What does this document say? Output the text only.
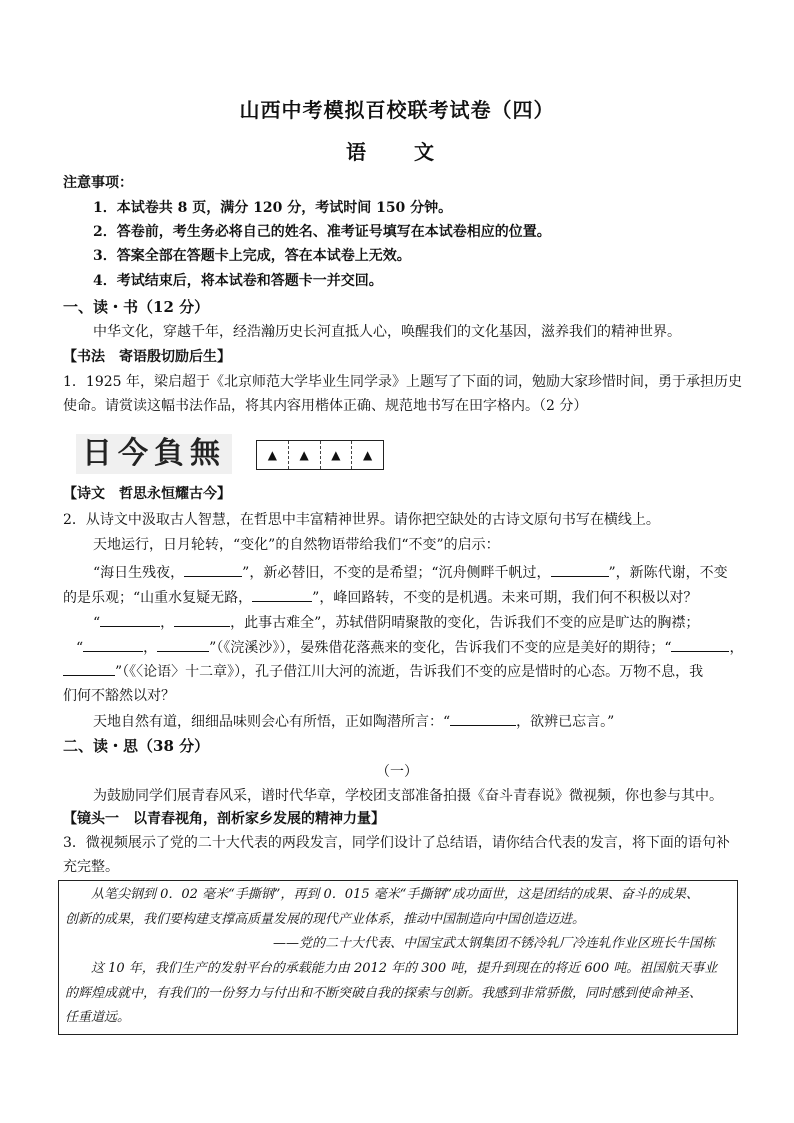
山西中考模拟百校联考试卷（四）
语　文
注意事项：
1．本试卷共 8 页，满分 120 分，考试时间 150 分钟。
2．答卷前，考生务必将自己的姓名、准考证号填写在本试卷相应的位置。
3．答案全部在答题卡上完成，答在本试卷上无效。
4．考试结束后，将本试卷和答题卡一并交回。
一、读・书（12 分）
中华文化，穿越千年，经浩瀚历史长河直抵人心，唤醒我们的文化基因，滋养我们的精神世界。
【书法　寄语殷切励后生】
1．1925 年，梁启超于《北京师范大学毕业生同学录》上题写了下面的词，勉励大家珍惜时间，勇于承担历史
使命。请赏读这幅书法作品，将其内容用楷体正确、规范地书写在田字格内。（2 分）
日今負無	▲	▲	▲	▲
【诗文　哲思永恒耀古今】
2．从诗文中汲取古人智慧，在哲思中丰富精神世界。请你把空缺处的古诗文原句书写在横线上。
天地运行，日月轮转，“变化”的自然物语带给我们“不变”的启示：
“海日生残夜，	”，新必替旧，不变的是希望；“沉舟侧畔千帆过，	”，新陈代谢，不变
的是乐观；“山重水复疑无路，	”，峰回路转，不变的是机遇。未来可期，我们何不积极以对？
“	，	，此事古难全”，苏轼借阴晴聚散的变化，告诉我们不变的应是旷达的胸襟；
“	，	”（《浣溪沙》），晏殊借花落燕来的变化，告诉我们不变的应是美好的期待；“	，
”（《〈论语〉十二章》），孔子借江川大河的流逝，告诉我们不变的应是惜时的心态。万物不息，我
们何不豁然以对？
天地自然有道，细细品味则会心有所悟，正如陶潜所言：“	，欲辨已忘言。”
二、读・思（38 分）
（一）
为鼓励同学们展青春风采，谱时代华章，学校团支部准备拍摄《奋斗青春说》微视频，你也参与其中。
【镜头一　以青春视角，剖析家乡发展的精神力量】
3．微视频展示了党的二十大代表的两段发言，同学们设计了总结语，请你结合代表的发言，将下面的语句补
充完整。
从笔尖钢到 0．02 毫米“手撕钢”，再到 0．015 毫米“手撕钢”成功面世，这是团结的成果、奋斗的成果、
创新的成果，我们要构建支撑高质量发展的现代产业体系，推动中国制造向中国创造迈进。
——党的二十大代表、中国宝武太钢集团不锈冷轧厂冷连轧作业区班长牛国栋
这 10 年，我们生产的发射平台的承载能力由 2012 年的 300 吨，提升到现在的将近 600 吨。祖国航天事业
的辉煌成就中，有我们的一份努力与付出和不断突破自我的探索与创新。我感到非常骄傲，同时感到使命神圣、
任重道远。
